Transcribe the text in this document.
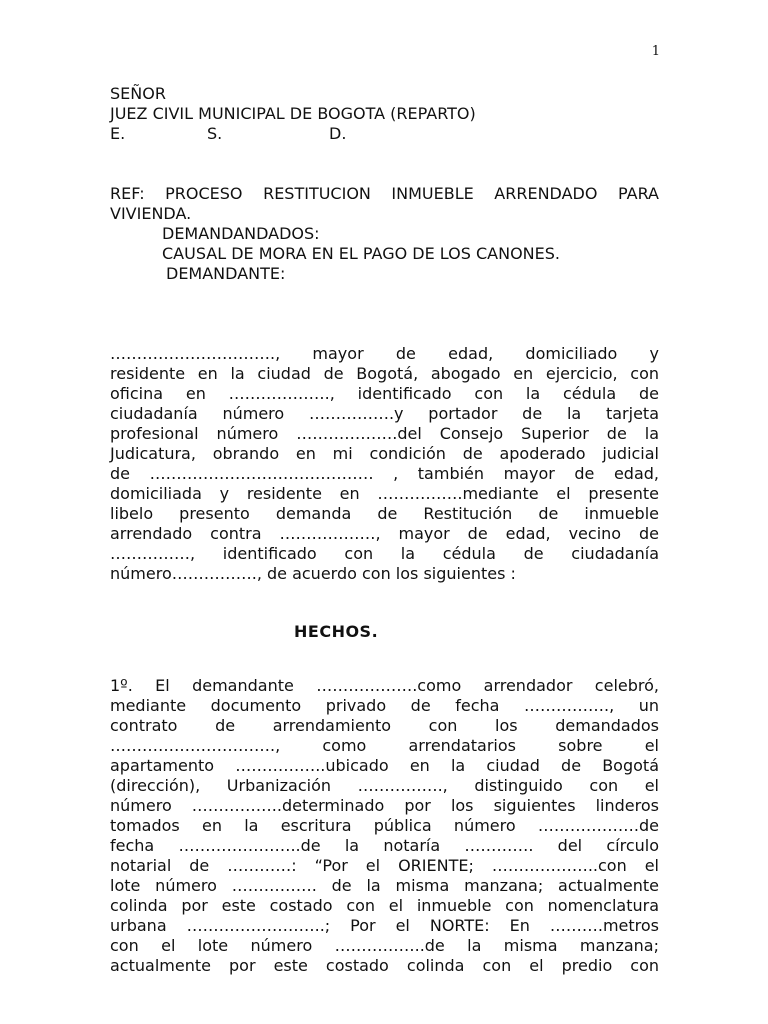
1
SEÑOR
JUEZ CIVIL MUNICIPAL DE BOGOTA (REPARTO)
E.	S.	D.
REF: PROCESO RESTITUCION INMUEBLE ARRENDADO PARA
VIVIENDA.
DEMANDANDADOS:
CAUSAL DE MORA EN EL PAGO DE LOS CANONES.
DEMANDANTE:
…………………………., mayor de edad, domiciliado y
residente en la ciudad de Bogotá, abogado en ejercicio, con
oficina en ………………., identificado con la cédula de
ciudadanía número …………….y portador de la tarjeta
profesional número ……………….del Consejo Superior de la
Judicatura, obrando en mi condición de apoderado judicial
de …………………………………… , también mayor de edad,
domiciliada y residente en …………….mediante el presente
libelo presento demanda de Restitución de inmueble
arrendado contra ………………, mayor de edad, vecino de
……………, identificado con la cédula de ciudadanía
número……………., de acuerdo con los siguientes :
HECHOS.
1º. El demandante ……………….como arrendador celebró,
mediante documento privado de fecha ……………., un
contrato de arrendamiento con los demandados
…………………………., como arrendatarios sobre el
apartamento ……………..ubicado en la ciudad de Bogotá
(dirección), Urbanización ……………., distinguido con el
número ……………..determinado por los siguientes linderos
tomados en la escritura pública número ……………….de
fecha …………………..de la notaría …………. del círculo
notarial de …………: “Por el ORIENTE; ………………..con el
lote número ……………. de la misma manzana; actualmente
colinda por este costado con el inmueble con nomenclatura
urbana ……………………..; Por el NORTE: En ……….metros
con el lote número ……………..de la misma manzana;
actualmente por este costado colinda con el predio con
